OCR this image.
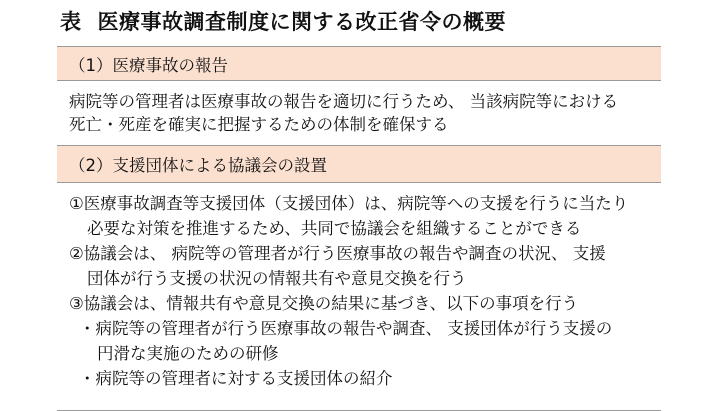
表 医療事故調査制度に関する改正省令の概要
（1）医療事故の報告
病院等の管理者は医療事故の報告を適切に行うため、 当該病院等における
死亡・死産を確実に把握するための体制を確保する
（2）支援団体による協議会の設置
①医療事故調査等支援団体（支援団体）は、病院等への支援を行うに当たり
必要な対策を推進するため、共同で協議会を組織することができる
②協議会は、 病院等の管理者が行う医療事故の報告や調査の状況、 支援
団体が行う支援の状況の情報共有や意見交換を行う
③協議会は、情報共有や意見交換の結果に基づき、以下の事項を行う
・病院等の管理者が行う医療事故の報告や調査、 支援団体が行う支援の
円滑な実施のための研修
・病院等の管理者に対する支援団体の紹介
